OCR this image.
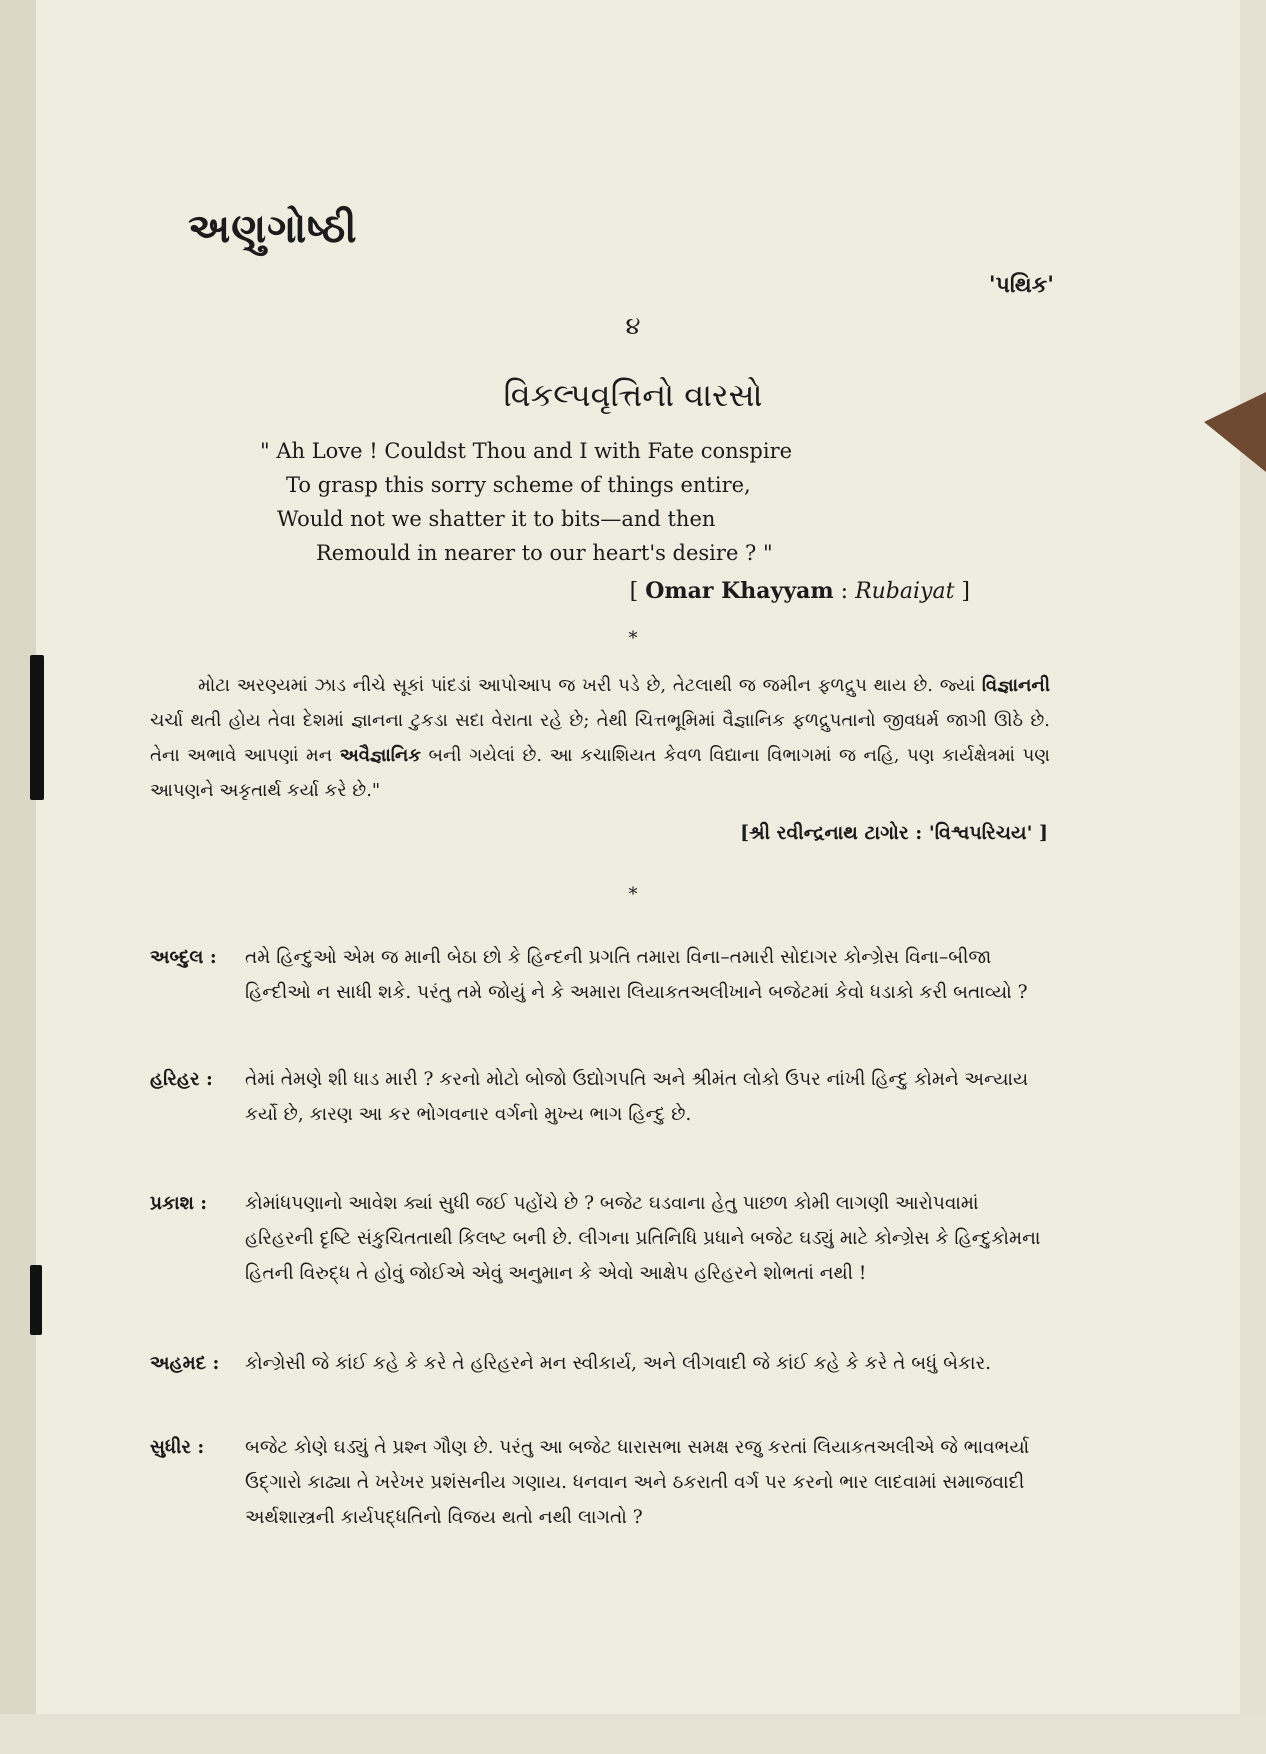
અણુગોષ્ઠી
'પથિક'
૪
વિકલ્પવૃત્તિનો વારસો
" Ah Love ! Couldst Thou and I with Fate conspire
To grasp this sorry scheme of things entire,
Would not we shatter it to bits—and then
Remould in nearer to our heart's desire ? "
[ Omar Khayyam : Rubaiyat ]
*
મોટા અરણ્યમાં ઝાડ નીચે સૂકાં પાંદડાં આપોઆપ જ ખરી પડે છે, તેટલાથી જ જમીન ફળદ્રુપ થાય છે. જ્યાં વિજ્ઞાનની ચર્ચા થતી હોય તેવા દેશમાં જ્ઞાનના ટુકડા સદા વેરાતા રહે છે; તેથી ચિત્તભૂમિમાં વૈજ્ઞાનિક ફળદ્રુપતાનો જીવધર્મ જાગી ઊઠે છે. તેના અભાવે આપણાં મન અવૈજ્ઞાનિક બની ગયેલાં છે. આ કચાશિયત કેવળ વિદ્યાના વિભાગમાં જ નહિ, પણ કાર્યક્ષેત્રમાં પણ આપણને અકૃતાર્થ કર્યા કરે છે."
[શ્રી રવીન્દ્રનાથ ટાગોર : 'વિશ્વપરિચય' ]
*
અબ્દુલ :	તમે હિન્દુઓ એમ જ માની બેઠા છો કે હિન્દની પ્રગતિ તમારા વિના–તમારી સોદાગર કોન્ગ્રેસ વિના–બીજા હિન્દીઓ ન સાધી શકે. પરંતુ તમે જોયું ને કે અમારા લિયાકતઅલીખાને બજેટમાં કેવો ધડાકો કરી બતાવ્યો ?
હરિહર :	તેમાં તેમણે શી ધાડ મારી ? કરનો મોટો બોજો ઉદ્યોગપતિ અને શ્રીમંત લોકો ઉપર નાંખી હિન્દુ કોમને અન્યાય કર્યો છે, કારણ આ કર ભોગવનાર વર્ગનો મુખ્ય ભાગ હિન્દુ છે.
પ્રકાશ :	કોમાંધપણાનો આવેશ ક્યાં સુધી જઈ પહોંચે છે ? બજેટ ઘડવાના હેતુ પાછળ કોમી લાગણી આરોપવામાં હરિહરની દૃષ્ટિ સંકુચિતતાથી કિલષ્ટ બની છે. લીગના પ્રતિનિધિ પ્રધાને બજેટ ઘડ્યું માટે કોન્ગ્રેસ કે હિન્દુકોમના હિતની વિરુદ્ધ તે હોવું જોઈએ એવું અનુમાન કે એવો આક્ષેપ હરિહરને શોભતાં નથી !
અહમદ :	કોન્ગ્રેસી જે કાંઈ કહે કે કરે તે હરિહરને મન સ્વીકાર્ય, અને લીગવાદી જે કાંઈ કહે કે કરે તે બધું બેકાર.
સુધીર :	બજેટ કોણે ઘડ્યું તે પ્રશ્ન ગૌણ છે. પરંતુ આ બજેટ ધારાસભા સમક્ષ રજુ કરતાં લિયાકતઅલીએ જે ભાવભર્યા ઉદ્‌ગારો કાઢ્યા તે ખરેખર પ્રશંસનીય ગણાય. ધનવાન અને ઠકરાતી વર્ગ પર કરનો ભાર લાદવામાં સમાજવાદી અર્થશાસ્ત્રની કાર્યપદ્ધતિનો વિજય થતો નથી લાગતો ?
